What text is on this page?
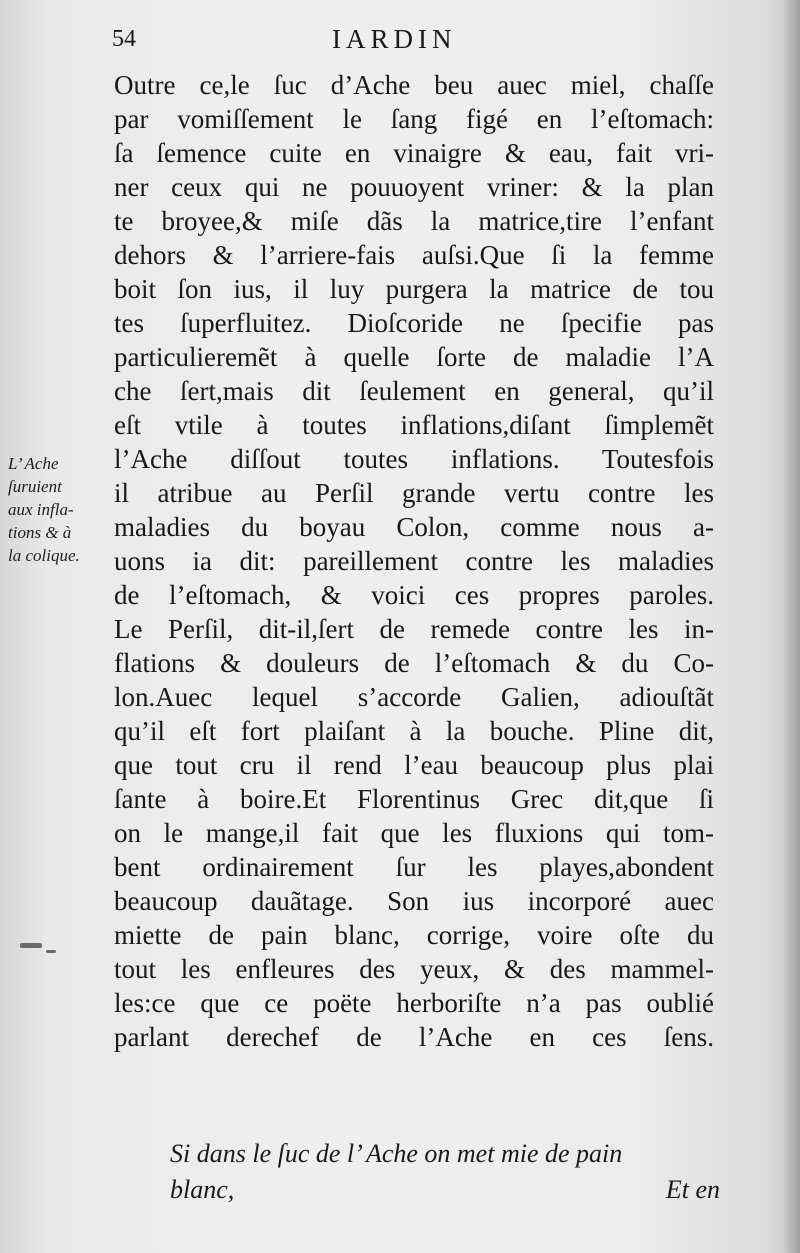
54	IARDIN
Outre ce,le ſuc d’Ache beu auec miel, chaſſe
par vomiſſement le ſang figé en l’eſtomach:
ſa ſemence cuite en vinaigre & eau, fait vri-
ner ceux qui ne pouuoyent vriner: & la plan
te broyee,& miſe dãs la matrice,tire l’enfant
dehors & l’arriere-fais auſsi.Que ſi la femme
boit ſon ius, il luy purgera la matrice de tou
tes ſuperfluitez. Dioſcoride ne ſpecifie pas
particulieremẽt à quelle ſorte de maladie l’A
che ſert,mais dit ſeulement en general, qu’il
eſt vtile à toutes inflations,diſant ſimplemẽt
l’Ache diſſout toutes inflations. Toutesfois
il atribue au Perſil grande vertu contre les
maladies du boyau Colon, comme nous a-
uons ia dit: pareillement contre les maladies
de l’eſtomach, & voici ces propres paroles.
Le Perſil, dit-il,ſert de remede contre les in-
flations & douleurs de l’eſtomach & du Co-
lon.Auec lequel s’accorde Galien, adiouſtãt
qu’il eſt fort plaiſant à la bouche. Pline dit,
que tout cru il rend l’eau beaucoup plus plai
ſante à boire.Et Florentinus Grec dit,que ſi
on le mange,il fait que les fluxions qui tom-
bent ordinairement ſur les playes,abondent
beaucoup dauãtage. Son ius incorporé auec
miette de pain blanc, corrige, voire oſte du
tout les enfleures des yeux, & des mammel-
les:ce que ce poëte herboriſte n’a pas oublié
parlant derechef de l’Ache en ces ſens.
L’ Ache
ſuruient
aux infla-
tions & à
la colique.
Si dans le ſuc de l’ Ache on met mie de pain
blanc,	Et en
